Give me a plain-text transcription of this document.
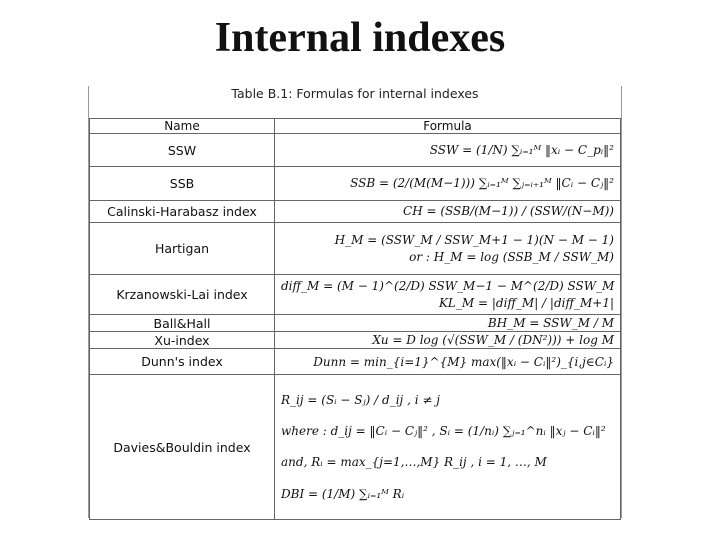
Internal indexes
Table B.1: Formulas for internal indexes
Name	Formula
SSW	SSW = (1/N) ∑ᵢ₌₁ᴹ ‖xᵢ − C_pᵢ‖²

SSB	SSB = (2/(M(M−1))) ∑ᵢ₌₁ᴹ ∑ⱼ₌ᵢ₊₁ᴹ ‖Cᵢ − Cⱼ‖²

Calinski-Harabasz index	CH = (SSB/(M−1)) / (SSW/(N−M))

Hartigan	H_M = (SSW_M / SSW_M+1 − 1)(N − M − 1)
or : H_M = log (SSB_M / SSW_M)

Krzanowski-Lai index	diff_M = (M − 1)^(2/D) SSW_M−1 − M^(2/D) SSW_M
KL_M = |diff_M| / |diff_M+1|

Ball&Hall	BH_M = SSW_M / M

Xu-index	Xu = D log (√(SSW_M / (DN²))) + log M

Dunn's index	Dunn = min_{i=1}^{M} max(‖xᵢ − Cᵢ‖²)_{i,j∈Cᵢ}

Davies&Bouldin index	R_ij = (Sᵢ − Sⱼ) / d_ij , i ≠ j
where : d_ij = ‖Cᵢ − Cⱼ‖² , Sᵢ = (1/nᵢ) ∑ⱼ₌₁^nᵢ ‖xⱼ − Cᵢ‖²
and, Rᵢ = max_{j=1,…,M} R_ij , i = 1, …, M
DBI = (1/M) ∑ᵢ₌₁ᴹ Rᵢ
